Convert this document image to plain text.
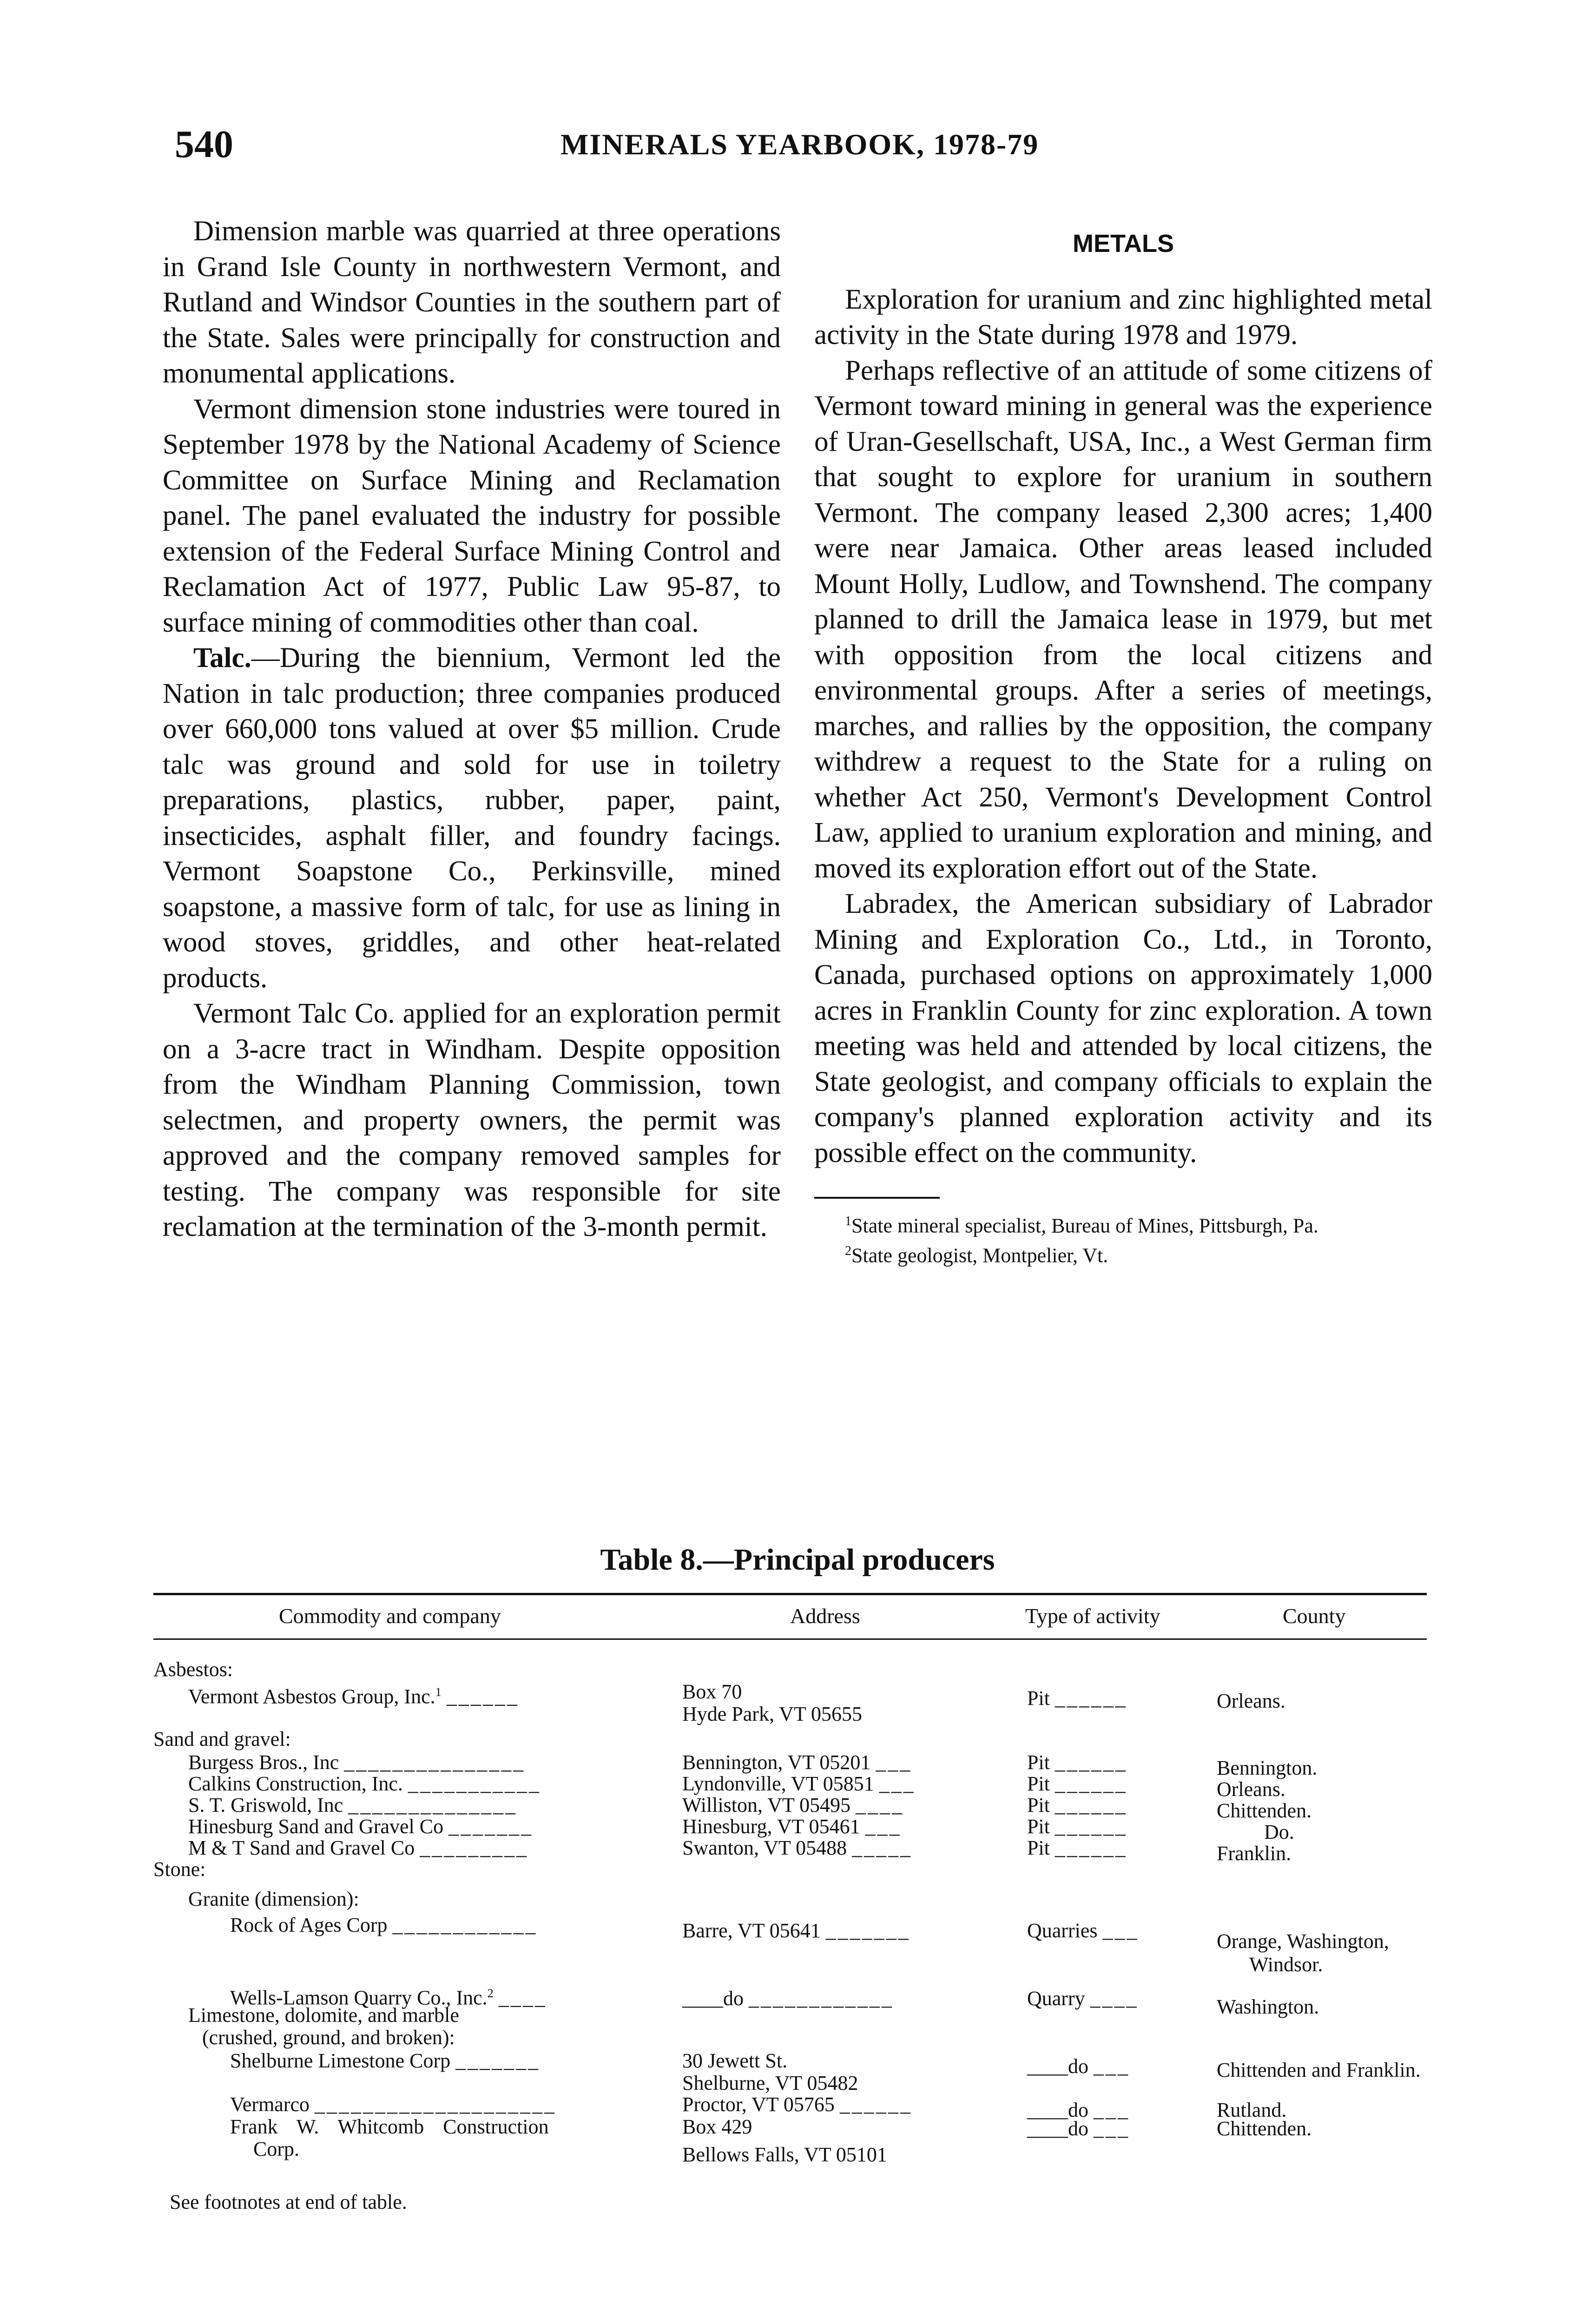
540	MINERALS YEARBOOK, 1978-79

Dimension marble was quarried at three operations in Grand Isle County in northwestern Vermont, and Rutland and Windsor Counties in the southern part of the State. Sales were principally for construction and monumental applications.

Vermont dimension stone industries were toured in September 1978 by the National Academy of Science Committee on Surface Mining and Reclamation panel. The panel evaluated the industry for possible extension of the Federal Surface Mining Control and Reclamation Act of 1977, Public Law 95-87, to surface mining of commodities other than coal.

Talc.—During the biennium, Vermont led the Nation in talc production; three companies produced over 660,000 tons valued at over $5 million. Crude talc was ground and sold for use in toiletry preparations, plastics, rubber, paper, paint, insecticides, asphalt filler, and foundry facings. Vermont Soapstone Co., Perkinsville, mined soapstone, a massive form of talc, for use as lining in wood stoves, griddles, and other heat-related products.

Vermont Talc Co. applied for an exploration permit on a 3-acre tract in Windham. Despite opposition from the Windham Planning Commission, town selectmen, and property owners, the permit was approved and the company removed samples for testing. The company was responsible for site reclamation at the termination of the 3-month permit.

METALS

Exploration for uranium and zinc highlighted metal activity in the State during 1978 and 1979.

Perhaps reflective of an attitude of some citizens of Vermont toward mining in general was the experience of Uran-Gesellschaft, USA, Inc., a West German firm that sought to explore for uranium in southern Vermont. The company leased 2,300 acres; 1,400 were near Jamaica. Other areas leased included Mount Holly, Ludlow, and Townshend. The company planned to drill the Jamaica lease in 1979, but met with opposition from the local citizens and environmental groups. After a series of meetings, marches, and rallies by the opposition, the company withdrew a request to the State for a ruling on whether Act 250, Vermont's Development Control Law, applied to uranium exploration and mining, and moved its exploration effort out of the State.

Labradex, the American subsidiary of Labrador Mining and Exploration Co., Ltd., in Toronto, Canada, purchased options on approximately 1,000 acres in Franklin County for zinc exploration. A town meeting was held and attended by local citizens, the State geologist, and company officials to explain the company's planned exploration activity and its possible effect on the community.

$^1$State mineral specialist, Bureau of Mines, Pittsburgh, Pa.

$^2$State geologist, Montpelier, Vt.

Table 8.—Principal producers
Commodity and company	Address	Type of activity	County
Asbestos:
Vermont Asbestos Group, Inc.$^1$ ______	Box 70	Pit ______	Orleans.
Hyde Park, VT 05655
Sand and gravel:
Burgess Bros., Inc _______________	Bennington, VT 05201 ___	Pit ______	Bennington.
Calkins Construction, Inc. ___________	Lyndonville, VT 05851 ___	Pit ______	Orleans.
S. T. Griswold, Inc ______________	Williston, VT 05495 ____	Pit ______	Chittenden.
Hinesburg Sand and Gravel Co _______	Hinesburg, VT 05461 ___	Pit ______	Do.
M & T Sand and Gravel Co _________	Swanton, VT 05488 _____	Pit ______	Franklin.
Stone:
Granite (dimension):
Rock of Ages Corp ____________	Barre, VT 05641 _______	Quarries ___	Orange, Washington, Windsor.
Wells-Lamson Quarry Co., Inc.$^2$ ____	____do ____________	Quarry ____	Washington.
Limestone, dolomite, and marble
(crushed, ground, and broken):
Shelburne Limestone Corp _______	30 Jewett St.	____do ___	Chittenden and Franklin.
Shelburne, VT 05482
Vermarco ____________________	Proctor, VT 05765 ______	____do ___	Rutland.
Frank W. Whitcomb Construction	Box 429	____do ___	Chittenden.
Corp.	Bellows Falls, VT 05101
See footnotes at end of table.
